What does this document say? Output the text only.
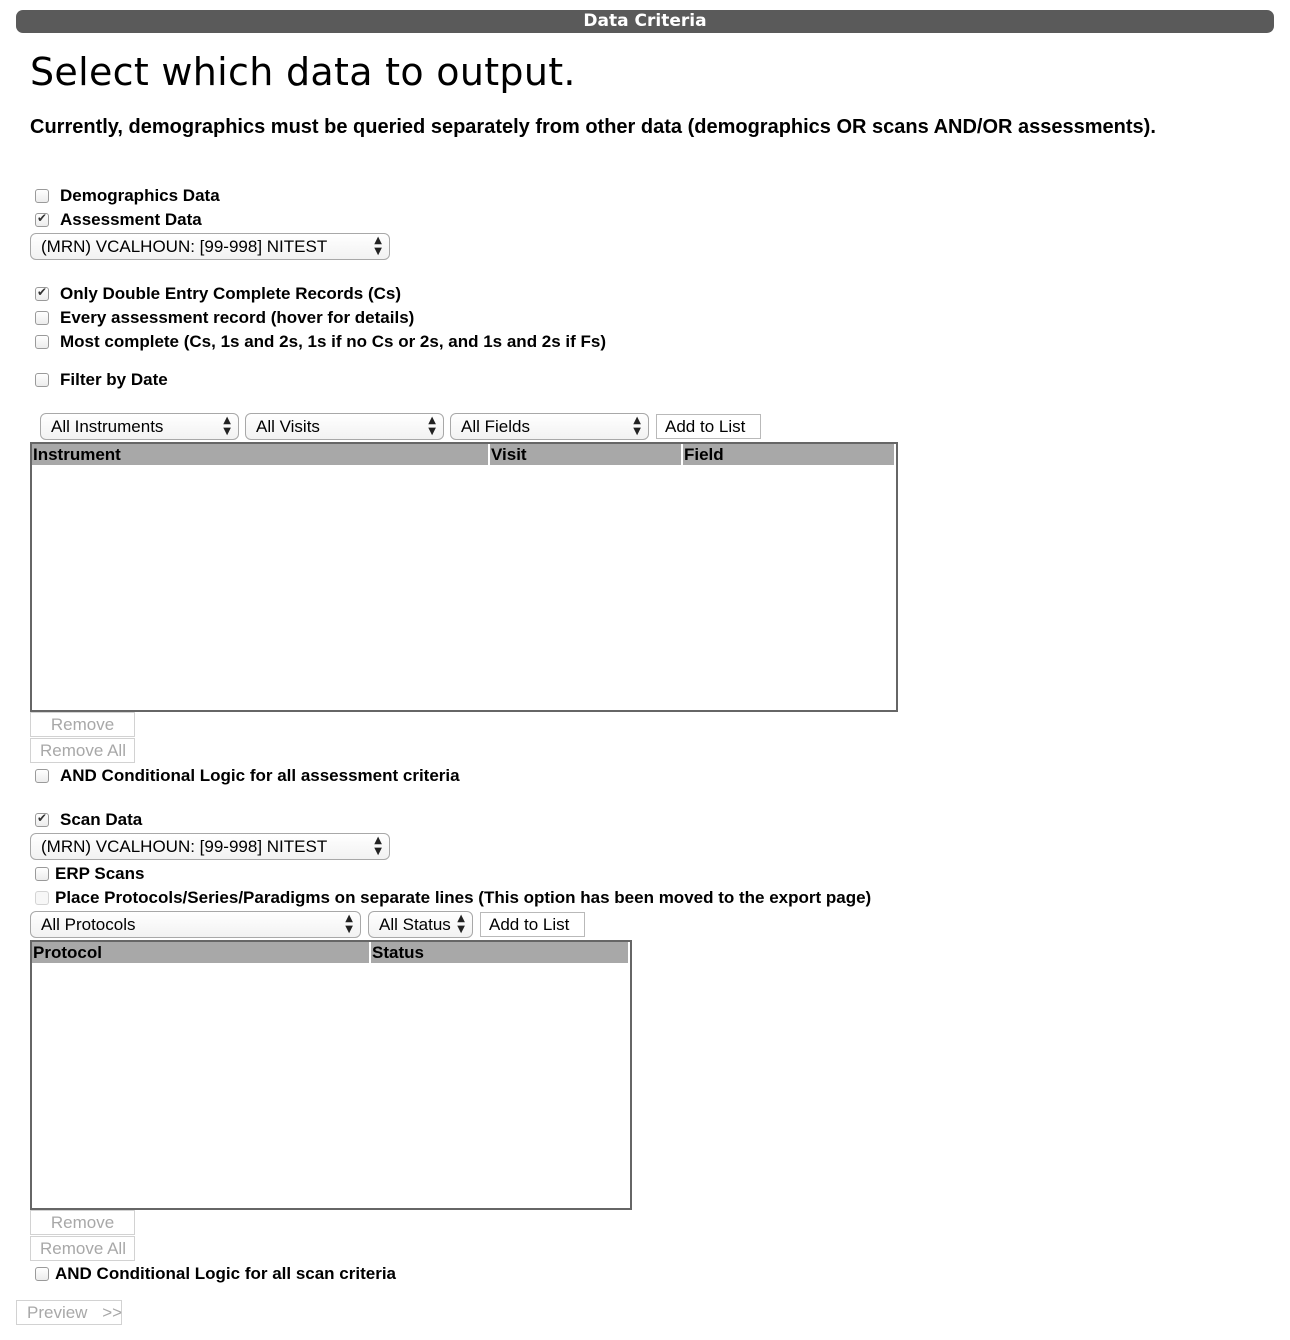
Data Criteria
Select which data to output.
Currently, demographics must be queried separately from other data (demographics OR scans AND/OR assessments).
Demographics Data
✔
Assessment Data
(MRN) VCALHOUN: [99-998] NITEST	▲
▼
✔
Only Double Entry Complete Records (Cs)
Every assessment record (hover for details)
Most complete (Cs, 1s and 2s, 1s if no Cs or 2s, and 1s and 2s if Fs)
Filter by Date
All Instruments	▲
▼	All Visits	▲
▼	All Fields	▲
▼	Add to List
Instrument	Visit	Field
Remove
Remove All
AND Conditional Logic for all assessment criteria
✔
Scan Data
(MRN) VCALHOUN: [99-998] NITEST	▲
▼
ERP Scans
Place Protocols/Series/Paradigms on separate lines (This option has been moved to the export page)
All Protocols	▲
▼	All Status ▲
▼	Add to List
Protocol	Status
Remove
Remove All
AND Conditional Logic for all scan criteria
Preview >>
